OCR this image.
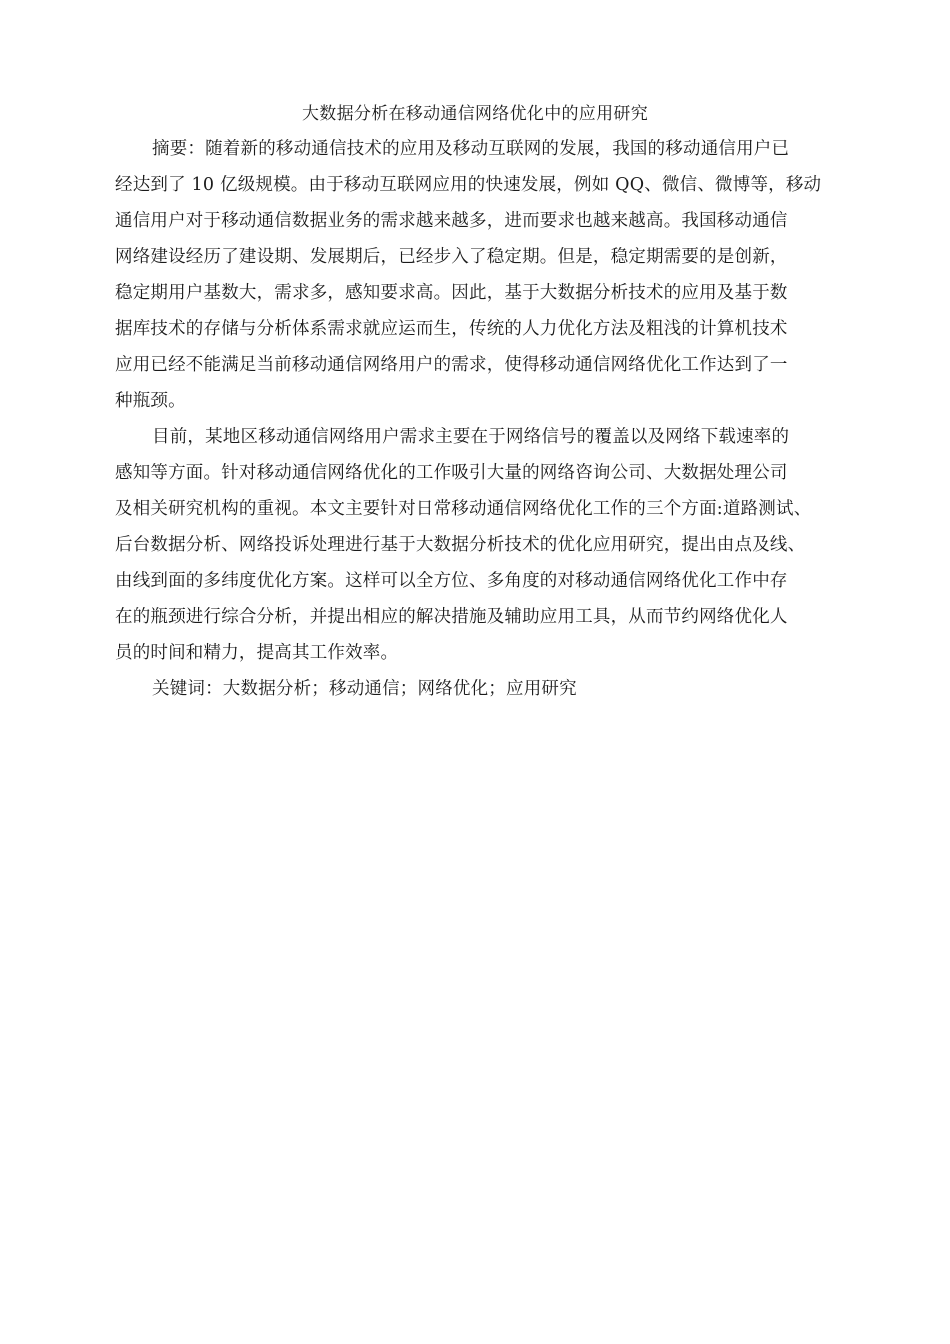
大数据分析在移动通信网络优化中的应用研究

摘要：随着新的移动通信技术的应用及移动互联网的发展，我国的移动通信用户已

经达到了 10 亿级规模。由于移动互联网应用的快速发展，例如 QQ、微信、微博等，移动

通信用户对于移动通信数据业务的需求越来越多，进而要求也越来越高。我国移动通信

网络建设经历了建设期、发展期后，已经步入了稳定期。但是，稳定期需要的是创新，

稳定期用户基数大，需求多，感知要求高。因此，基于大数据分析技术的应用及基于数

据库技术的存储与分析体系需求就应运而生，传统的人力优化方法及粗浅的计算机技术

应用已经不能满足当前移动通信网络用户的需求，使得移动通信网络优化工作达到了一

种瓶颈。

目前，某地区移动通信网络用户需求主要在于网络信号的覆盖以及网络下载速率的

感知等方面。针对移动通信网络优化的工作吸引大量的网络咨询公司、大数据处理公司

及相关研究机构的重视。本文主要针对日常移动通信网络优化工作的三个方面:道路测试、

后台数据分析、网络投诉处理进行基于大数据分析技术的优化应用研究，提出由点及线、

由线到面的多纬度优化方案。这样可以全方位、多角度的对移动通信网络优化工作中存

在的瓶颈进行综合分析，并提出相应的解决措施及辅助应用工具，从而节约网络优化人

员的时间和精力，提高其工作效率。

关键词：大数据分析；移动通信；网络优化；应用研究
